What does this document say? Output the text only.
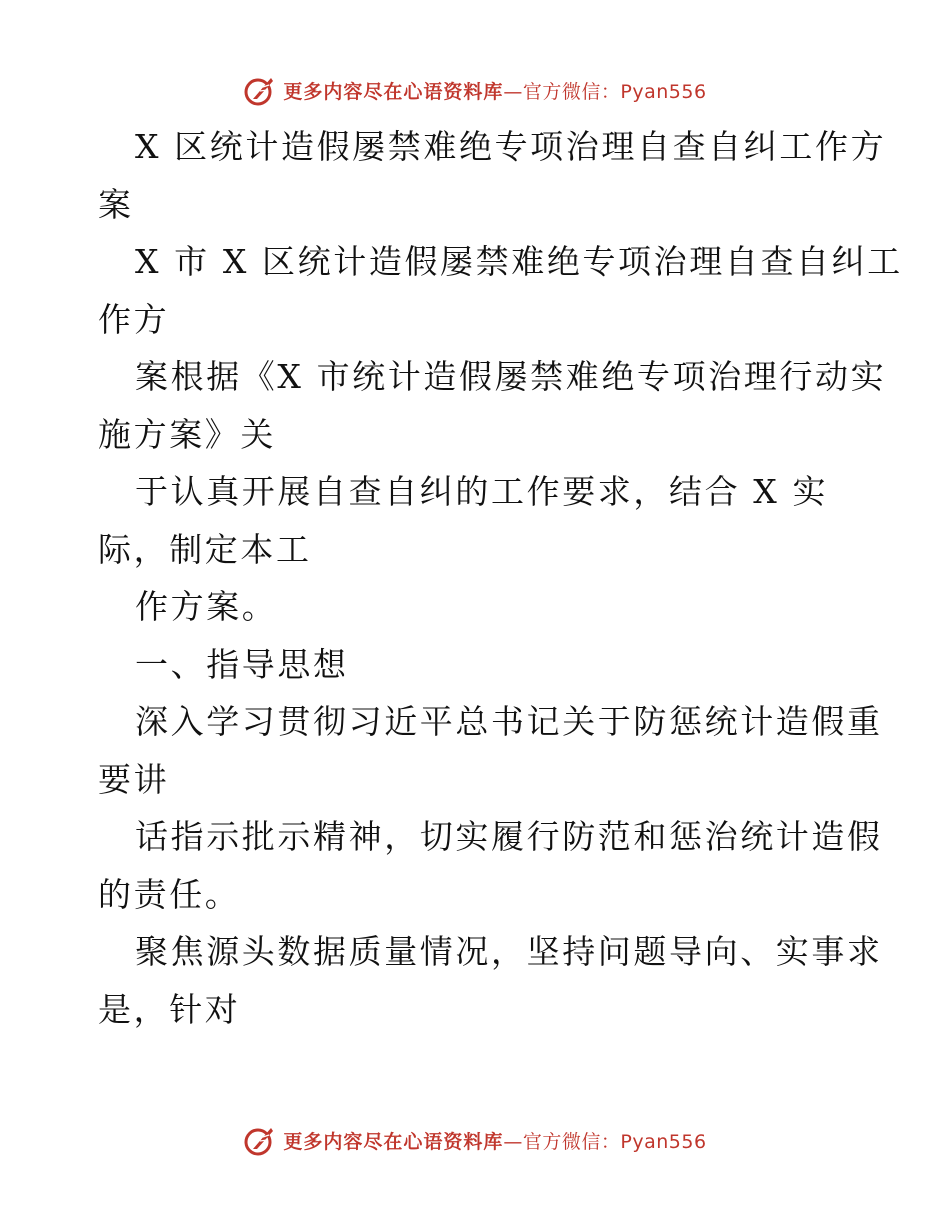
更多内容尽在心语资料库 —官方微信：Pyan556
X 区统计造假屡禁难绝专项治理自查自纠工作方
案
X 市 X 区统计造假屡禁难绝专项治理自查自纠工
作方
案根据《X 市统计造假屡禁难绝专项治理行动实
施方案》关
于认真开展自查自纠的工作要求，结合 X 实
际，制定本工
作方案。
一、指导思想
深入学习贯彻习近平总书记关于防惩统计造假重
要讲
话指示批示精神，切实履行防范和惩治统计造假
的责任。
聚焦源头数据质量情况，坚持问题导向、实事求
是，针对
更多内容尽在心语资料库 —官方微信：Pyan556
